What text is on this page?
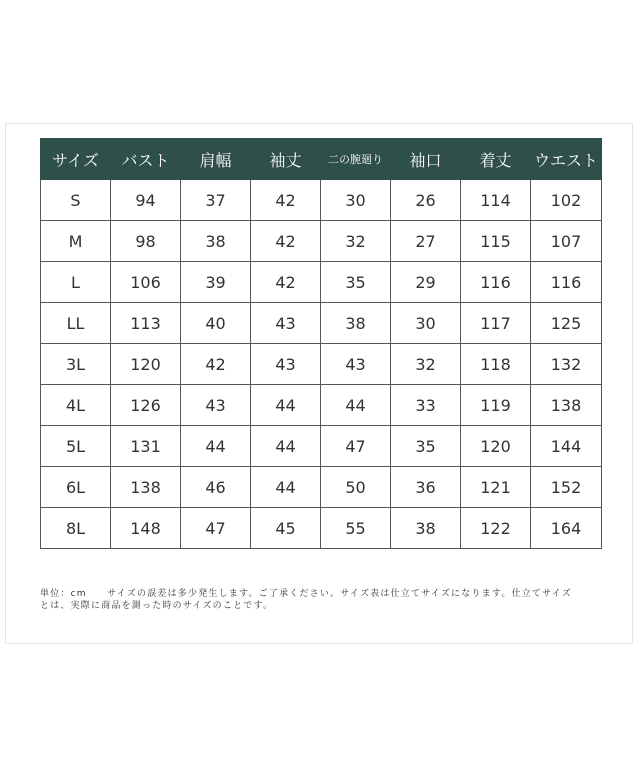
サイズ	バスト	肩幅	袖丈	二の腕廻り	袖口	着丈	ウエスト
S	94	37	42	30	26	114	102
M	98	38	42	32	27	115	107
L	106	39	42	35	29	116	116
LL	113	40	43	38	30	117	125
3L	120	42	43	43	32	118	132
4L	126	43	44	44	33	119	138
5L	131	44	44	47	35	120	144
6L	138	46	44	50	36	121	152
8L	148	47	45	55	38	122	164
単位：cm　　サイズの誤差は多少発生します。ご了承ください。サイズ表は仕立てサイズになります。仕立てサイズ
とは、実際に商品を測った時のサイズのことです。
